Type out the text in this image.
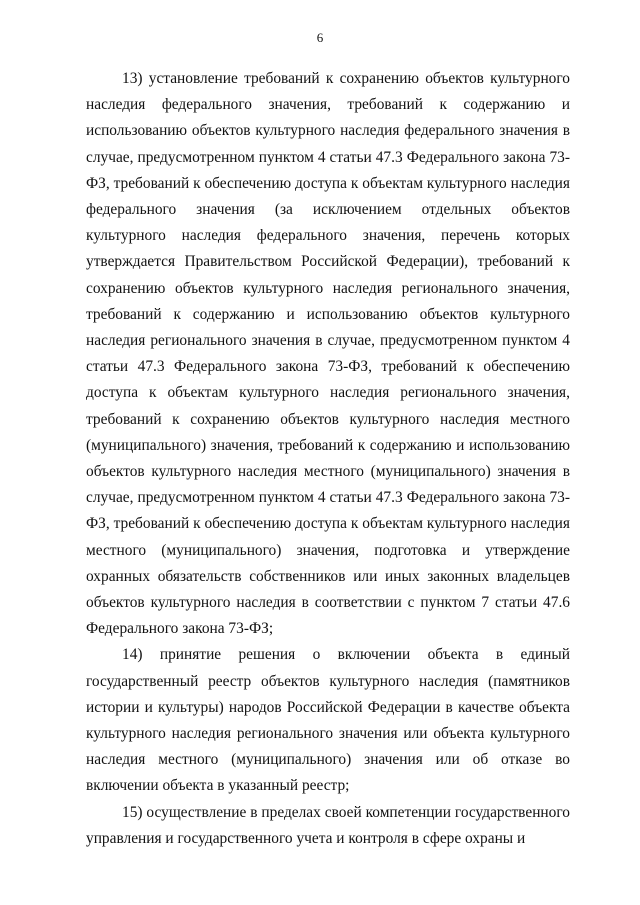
6

13) установление требований к сохранению объектов культурного наследия федерального значения, требований к содержанию и использованию объектов культурного наследия федерального значения в случае, предусмотренном пунктом 4 статьи 47.3 Федерального закона 73-ФЗ, требований к обеспечению доступа к объектам культурного наследия федерального значения (за исключением отдельных объектов культурного наследия федерального значения, перечень которых утверждается Правительством Российской Федерации), требований к сохранению объектов культурного наследия регионального значения, требований к содержанию и использованию объектов культурного наследия регионального значения в случае, предусмотренном пунктом 4 статьи 47.3 Федерального закона 73-ФЗ, требований к обеспечению доступа к объектам культурного наследия регионального значения, требований к сохранению объектов культурного наследия местного (муниципального) значения, требований к содержанию и использованию объектов культурного наследия местного (муниципального) значения в случае, предусмотренном пунктом 4 статьи 47.3 Федерального закона 73-ФЗ, требований к обеспечению доступа к объектам культурного наследия местного (муниципального) значения, подготовка и утверждение охранных обязательств собственников или иных законных владельцев объектов культурного наследия в соответствии с пунктом 7 статьи 47.6 Федерального закона 73-ФЗ;

14) принятие решения о включении объекта в единый государственный реестр объектов культурного наследия (памятников истории и культуры) народов Российской Федерации в качестве объекта культурного наследия регионального значения или объекта культурного наследия местного (муниципального) значения или об отказе во включении объекта в указанный реестр;

15) осуществление в пределах своей компетенции государственного управления и государственного учета и контроля в сфере охраны и
